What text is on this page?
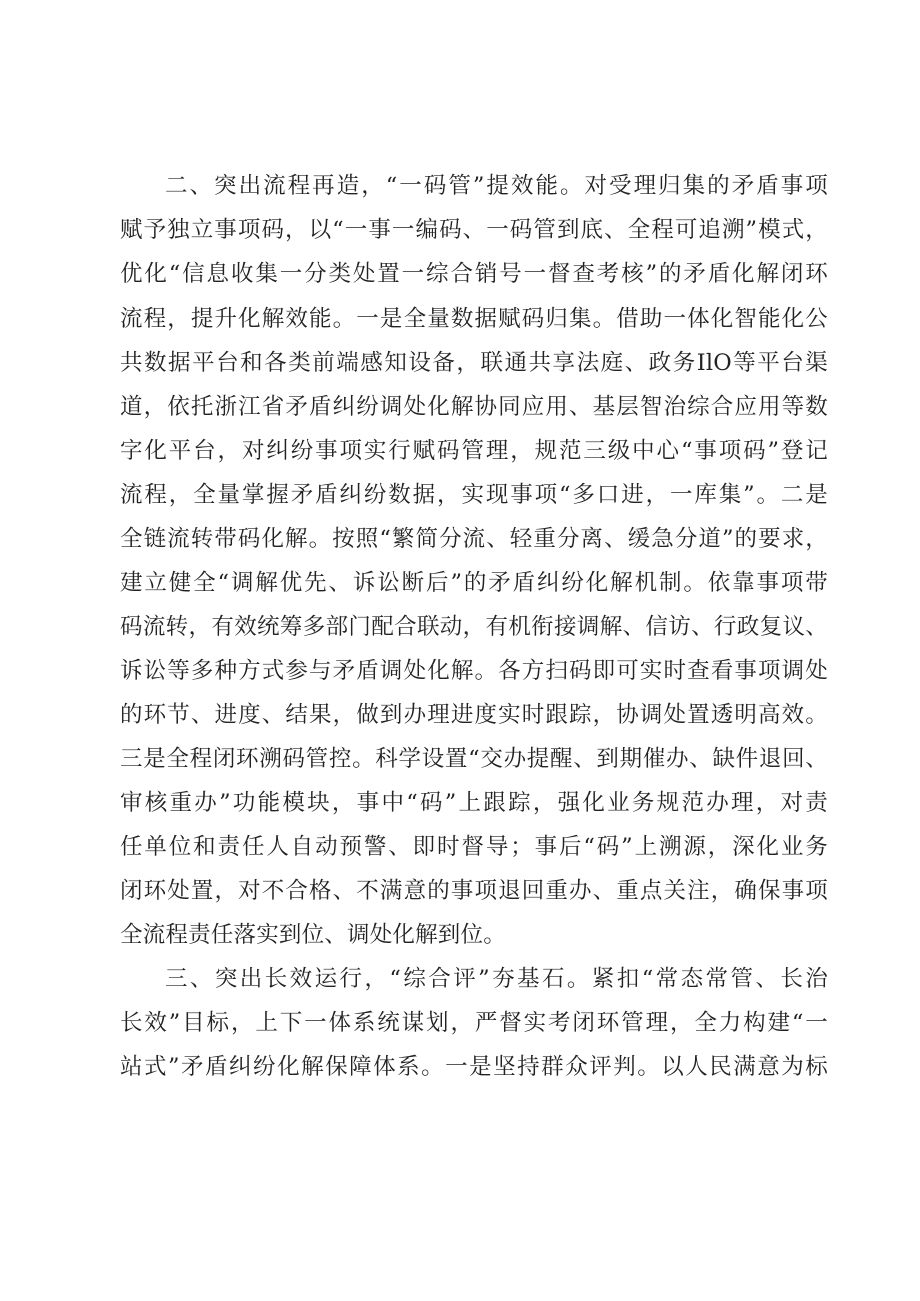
二、突出流程再造，“一码管”提效能。对受理归集的矛盾事项
赋予独立事项码，以“一事一编码、一码管到底、全程可追溯”模式，
优化“信息收集一分类处置一综合销号一督查考核”的矛盾化解闭环
流程，提升化解效能。一是全量数据赋码归集。借助一体化智能化公
共数据平台和各类前端感知设备，联通共享法庭、政务IlO等平台渠
道，依托浙江省矛盾纠纷调处化解协同应用、基层智治综合应用等数
字化平台，对纠纷事项实行赋码管理，规范三级中心“事项码”登记
流程，全量掌握矛盾纠纷数据，实现事项“多口进，一库集”。二是
全链流转带码化解。按照“繁简分流、轻重分离、缓急分道”的要求，
建立健全“调解优先、诉讼断后”的矛盾纠纷化解机制。依靠事项带
码流转，有效统筹多部门配合联动，有机衔接调解、信访、行政复议、
诉讼等多种方式参与矛盾调处化解。各方扫码即可实时查看事项调处
的环节、进度、结果，做到办理进度实时跟踪，协调处置透明高效。
三是全程闭环溯码管控。科学设置“交办提醒、到期催办、缺件退回、
审核重办”功能模块，事中“码”上跟踪，强化业务规范办理，对责
任单位和责任人自动预警、即时督导；事后“码”上溯源，深化业务
闭环处置，对不合格、不满意的事项退回重办、重点关注，确保事项
全流程责任落实到位、调处化解到位。
三、突出长效运行，“综合评”夯基石。紧扣“常态常管、长治
长效”目标，上下一体系统谋划，严督实考闭环管理，全力构建“一
站式”矛盾纠纷化解保障体系。一是坚持群众评判。以人民满意为标
